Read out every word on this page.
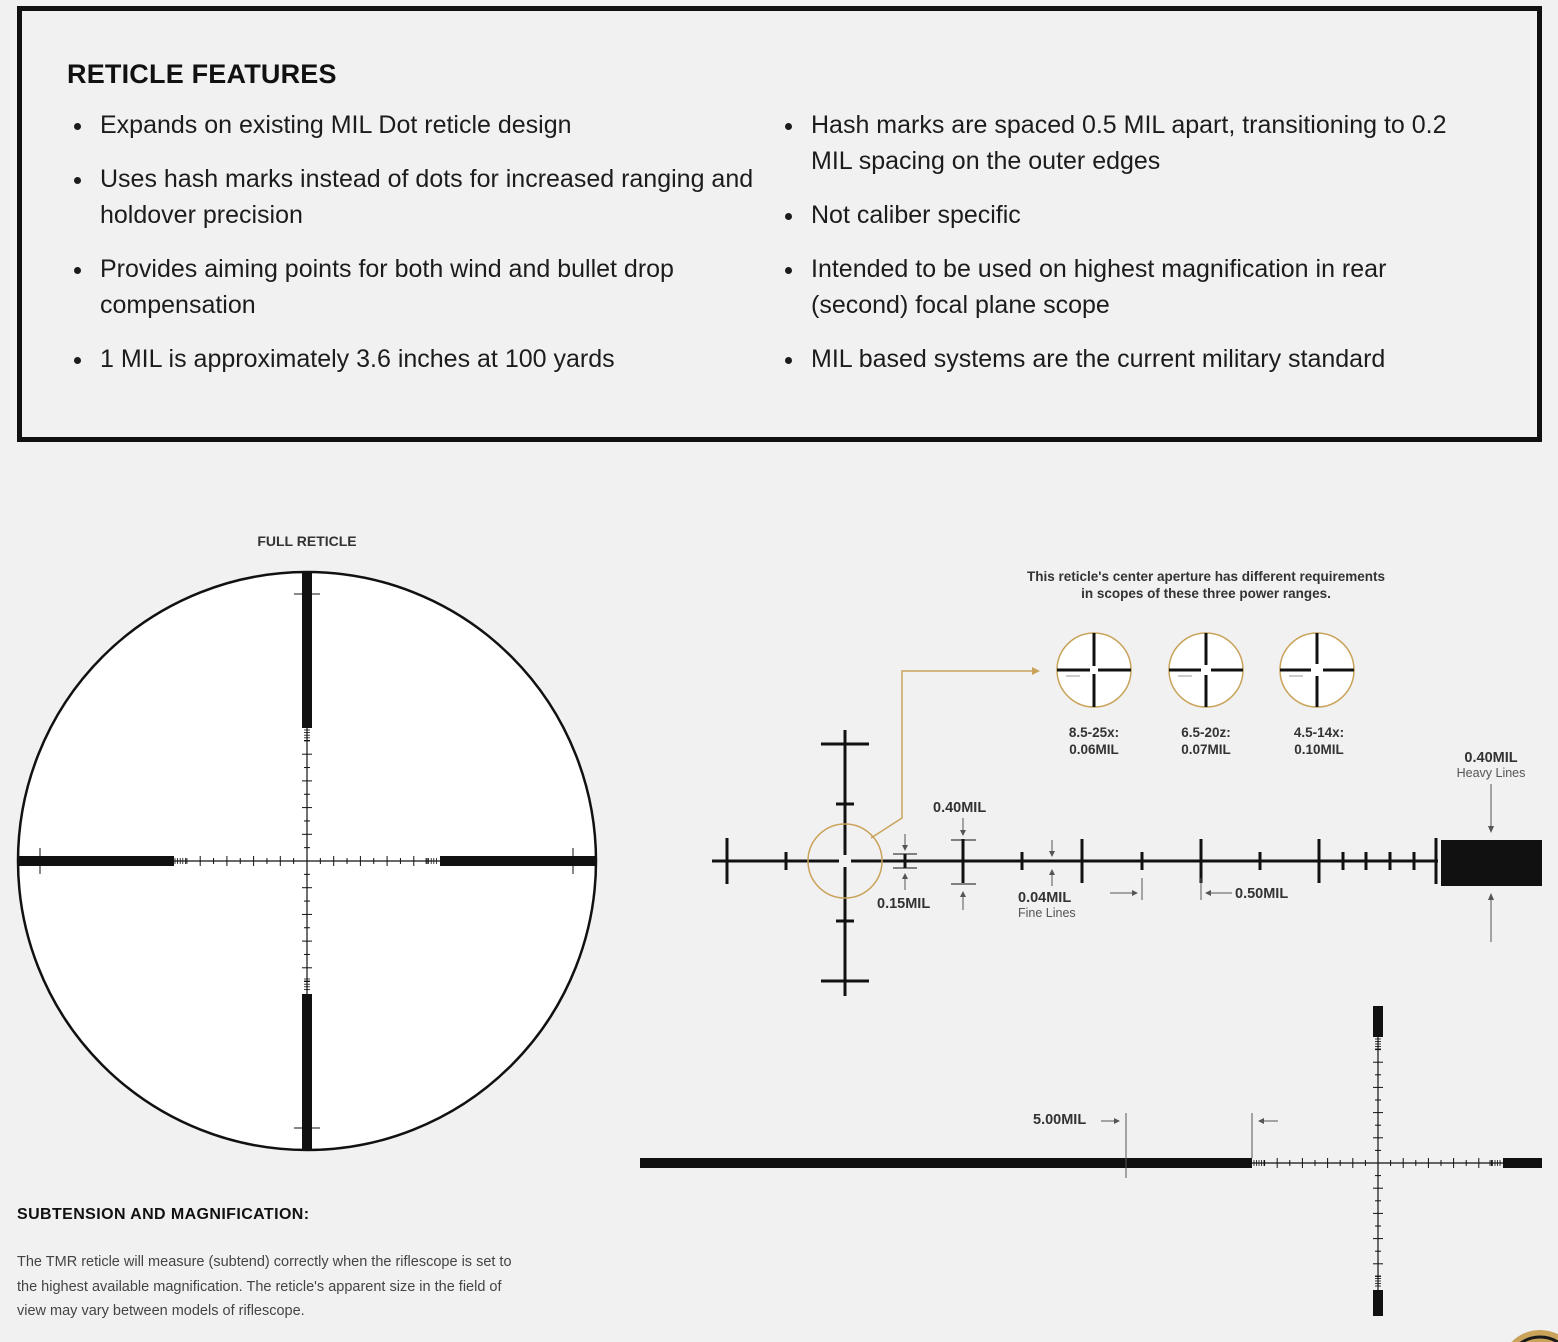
RETICLE FEATURES
Expands on existing MIL Dot reticle design
Uses hash marks instead of dots for increased ranging and holdover precision
Provides aiming points for both wind and bullet drop compensation
1 MIL is approximately 3.6 inches at 100 yards
Hash marks are spaced 0.5 MIL apart, transitioning to 0.2 MIL spacing on the outer edges
Not caliber specific
Intended to be used on highest magnification in rear (second) focal plane scope
MIL based systems are the current military standard
FULL RETICLE
This reticle's center aperture has different requirements
in scopes of these three power ranges.
8.5-25x:
0.06MIL
6.5-20z:
0.07MIL
4.5-14x:
0.10MIL
0.40MIL
Heavy Lines
0.40MIL
0.15MIL	0.04MIL
Fine Lines
0.50MIL
5.00MIL
SUBTENSION AND MAGNIFICATION:

The TMR reticle will measure (subtend) correctly when the riflescope is set to the highest available magnification. The reticle's apparent size in the field of view may vary between models of riflescope.
